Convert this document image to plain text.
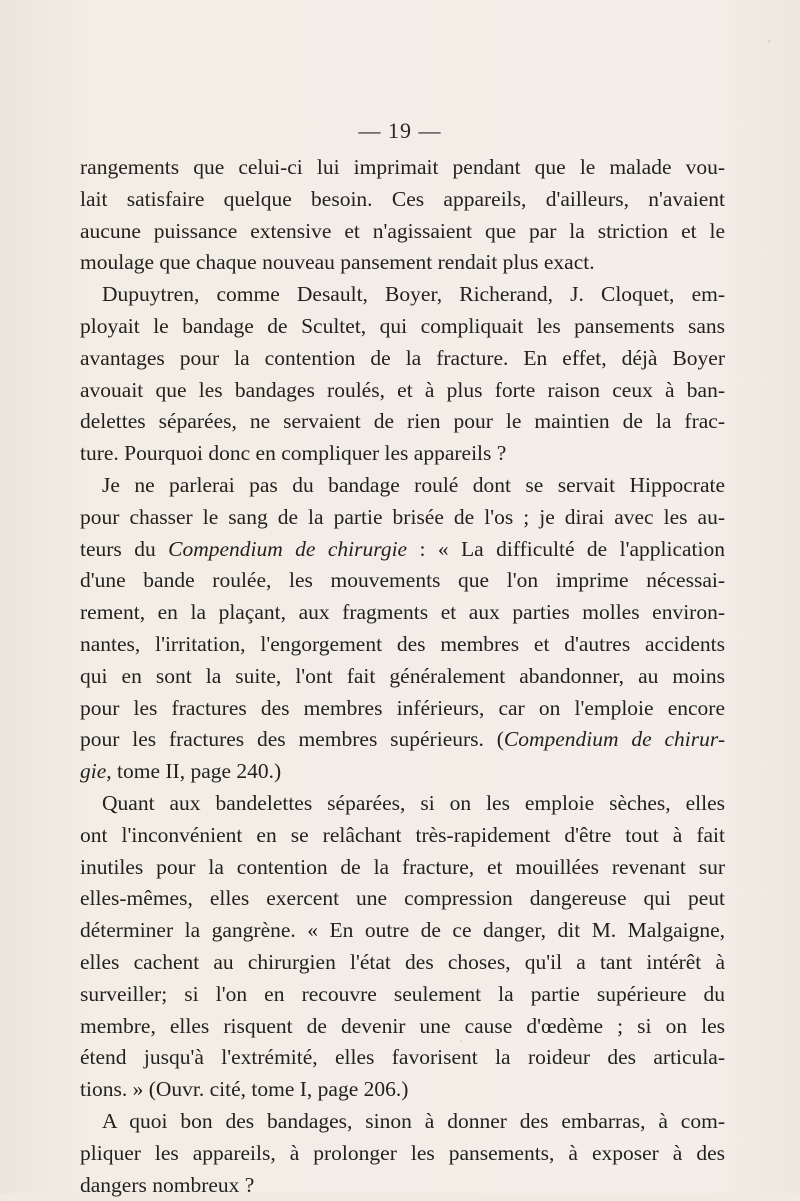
— 19 —
rangements que celui-ci lui imprimait pendant que le malade vou-
lait satisfaire quelque besoin. Ces appareils, d'ailleurs, n'avaient
aucune puissance extensive et n'agissaient que par la striction et le
moulage que chaque nouveau pansement rendait plus exact.
Dupuytren, comme Desault, Boyer, Richerand, J. Cloquet, em-
ployait le bandage de Scultet, qui compliquait les pansements sans
avantages pour la contention de la fracture. En effet, déjà Boyer
avouait que les bandages roulés, et à plus forte raison ceux à ban-
delettes séparées, ne servaient de rien pour le maintien de la frac-
ture. Pourquoi donc en compliquer les appareils ?
Je ne parlerai pas du bandage roulé dont se servait Hippocrate
pour chasser le sang de la partie brisée de l'os ; je dirai avec les au-
teurs du Compendium de chirurgie : « La difficulté de l'application
d'une bande roulée, les mouvements que l'on imprime nécessai-
rement, en la plaçant, aux fragments et aux parties molles environ-
nantes, l'irritation, l'engorgement des membres et d'autres accidents
qui en sont la suite, l'ont fait généralement abandonner, au moins
pour les fractures des membres inférieurs, car on l'emploie encore
pour les fractures des membres supérieurs. (Compendium de chirur-
gie, tome II, page 240.)
Quant aux bandelettes séparées, si on les emploie sèches, elles
ont l'inconvénient en se relâchant très-rapidement d'être tout à fait
inutiles pour la contention de la fracture, et mouillées revenant sur
elles-mêmes, elles exercent une compression dangereuse qui peut
déterminer la gangrène. « En outre de ce danger, dit M. Malgaigne,
elles cachent au chirurgien l'état des choses, qu'il a tant intérêt à
surveiller; si l'on en recouvre seulement la partie supérieure du
membre, elles risquent de devenir une cause d'œdème ; si on les
étend jusqu'à l'extrémité, elles favorisent la roideur des articula-
tions. » (Ouvr. cité, tome I, page 206.)
A quoi bon des bandages, sinon à donner des embarras, à com-
pliquer les appareils, à prolonger les pansements, à exposer à des
dangers nombreux ?
